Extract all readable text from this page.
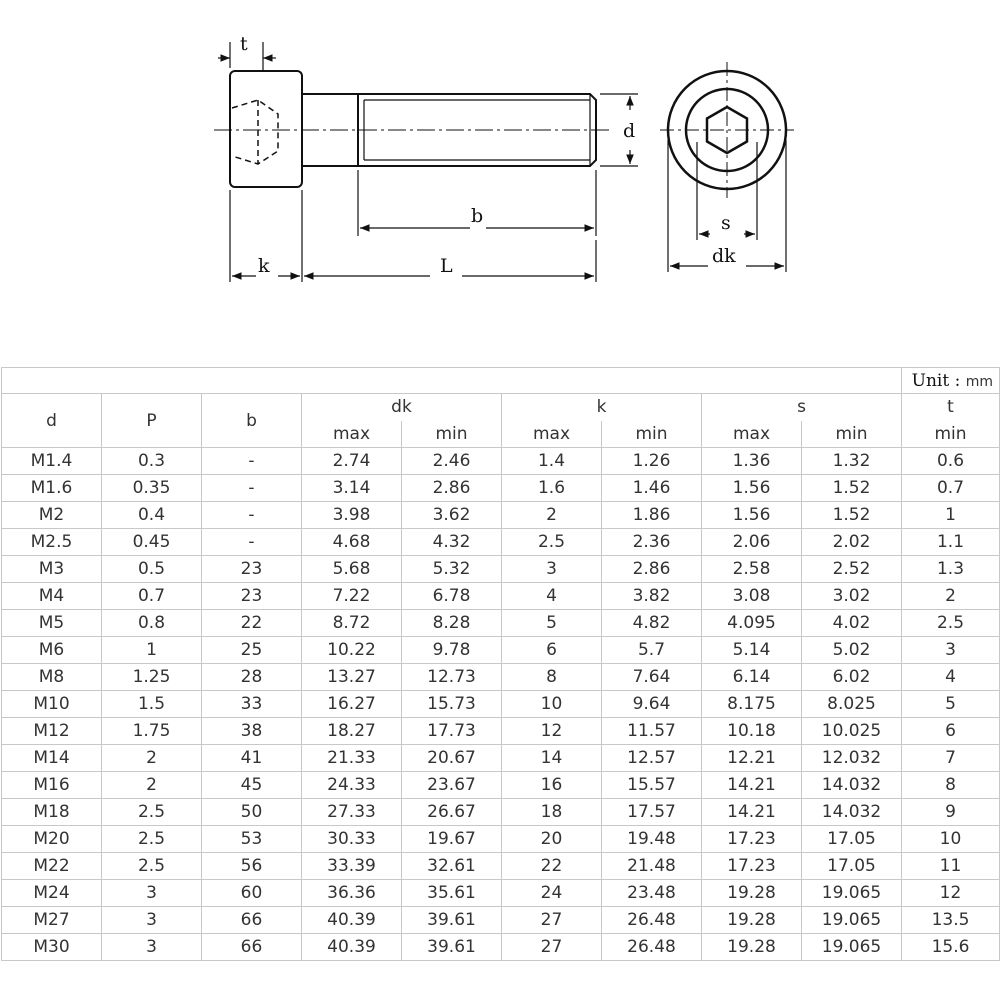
t
d
b
k	L
s
dk
									Unit : mm
d	P	b	dk		k		s		t
			max	min	max	min	max	min	min
M1.4	0.3	-	2.74	2.46	1.4	1.26	1.36	1.32	0.6
M1.6	0.35	-	3.14	2.86	1.6	1.46	1.56	1.52	0.7
M2	0.4	-	3.98	3.62	2	1.86	1.56	1.52	1
M2.5	0.45	-	4.68	4.32	2.5	2.36	2.06	2.02	1.1
M3	0.5	23	5.68	5.32	3	2.86	2.58	2.52	1.3
M4	0.7	23	7.22	6.78	4	3.82	3.08	3.02	2
M5	0.8	22	8.72	8.28	5	4.82	4.095	4.02	2.5
M6	1	25	10.22	9.78	6	5.7	5.14	5.02	3
M8	1.25	28	13.27	12.73	8	7.64	6.14	6.02	4
M10	1.5	33	16.27	15.73	10	9.64	8.175	8.025	5
M12	1.75	38	18.27	17.73	12	11.57	10.18	10.025	6
M14	2	41	21.33	20.67	14	12.57	12.21	12.032	7
M16	2	45	24.33	23.67	16	15.57	14.21	14.032	8
M18	2.5	50	27.33	26.67	18	17.57	14.21	14.032	9
M20	2.5	53	30.33	19.67	20	19.48	17.23	17.05	10
M22	2.5	56	33.39	32.61	22	21.48	17.23	17.05	11
M24	3	60	36.36	35.61	24	23.48	19.28	19.065	12
M27	3	66	40.39	39.61	27	26.48	19.28	19.065	13.5
M30	3	66	40.39	39.61	27	26.48	19.28	19.065	15.6
